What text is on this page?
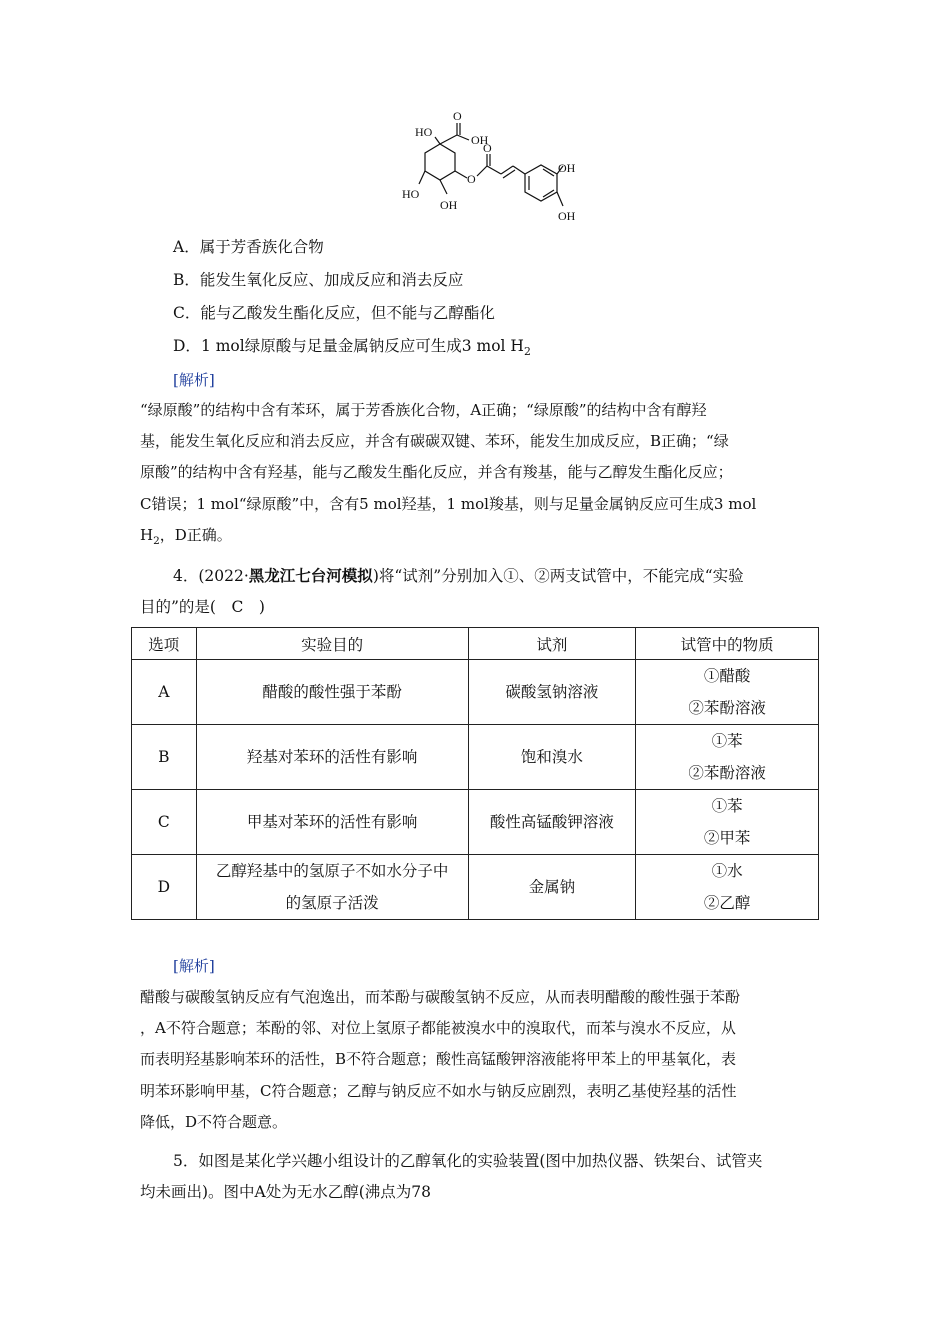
O
HO
OH
O
OH
HO
OH
O
OH
A．属于芳香族化合物
B．能发生氧化反应、加成反应和消去反应
C．能与乙酸发生酯化反应，但不能与乙醇酯化
D．1 mol绿原酸与足量金属钠反应可生成3 mol $H_2$
[解析]

“绿原酸”的结构中含有苯环，属于芳香族化合物，A正确；“绿原酸”的结构中含有醇羟

基，能发生氧化反应和消去反应，并含有碳碳双键、苯环，能发生加成反应，B正确；“绿

原酸”的结构中含有羟基，能与乙酸发生酯化反应，并含有羧基，能与乙醇发生酯化反应；

C错误；1 mol“绿原酸”中，含有5 mol羟基，1 mol羧基，则与足量金属钠反应可生成3 mol

$H_2$，D正确。

4．(2022·黑龙江七台河模拟)将“试剂”分别加入①、②两支试管中，不能完成“实验

目的”的是(　C　)

选项	实验目的	试剂	试管中的物质
A	醋酸的酸性强于苯酚	碳酸氢钠溶液	①醋酸
②苯酚溶液

B	羟基对苯环的活性有影响	饱和溴水	①苯
②苯酚溶液

C	甲基对苯环的活性有影响	酸性高锰酸钾溶液	①苯
②甲苯

D	乙醇羟基中的氢原子不如水分子中
的氢原子活泼	金属钠	①水
②乙醇
[解析]

醋酸与碳酸氢钠反应有气泡逸出，而苯酚与碳酸氢钠不反应，从而表明醋酸的酸性强于苯酚

，A不符合题意；苯酚的邻、对位上氢原子都能被溴水中的溴取代，而苯与溴水不反应，从

而表明羟基影响苯环的活性，B不符合题意；酸性高锰酸钾溶液能将甲苯上的甲基氧化，表

明苯环影响甲基，C符合题意；乙醇与钠反应不如水与钠反应剧烈，表明乙基使羟基的活性

降低，D不符合题意。

5．如图是某化学兴趣小组设计的乙醇氧化的实验装置(图中加热仪器、铁架台、试管夹

均未画出)。图中A处为无水乙醇(沸点为78
